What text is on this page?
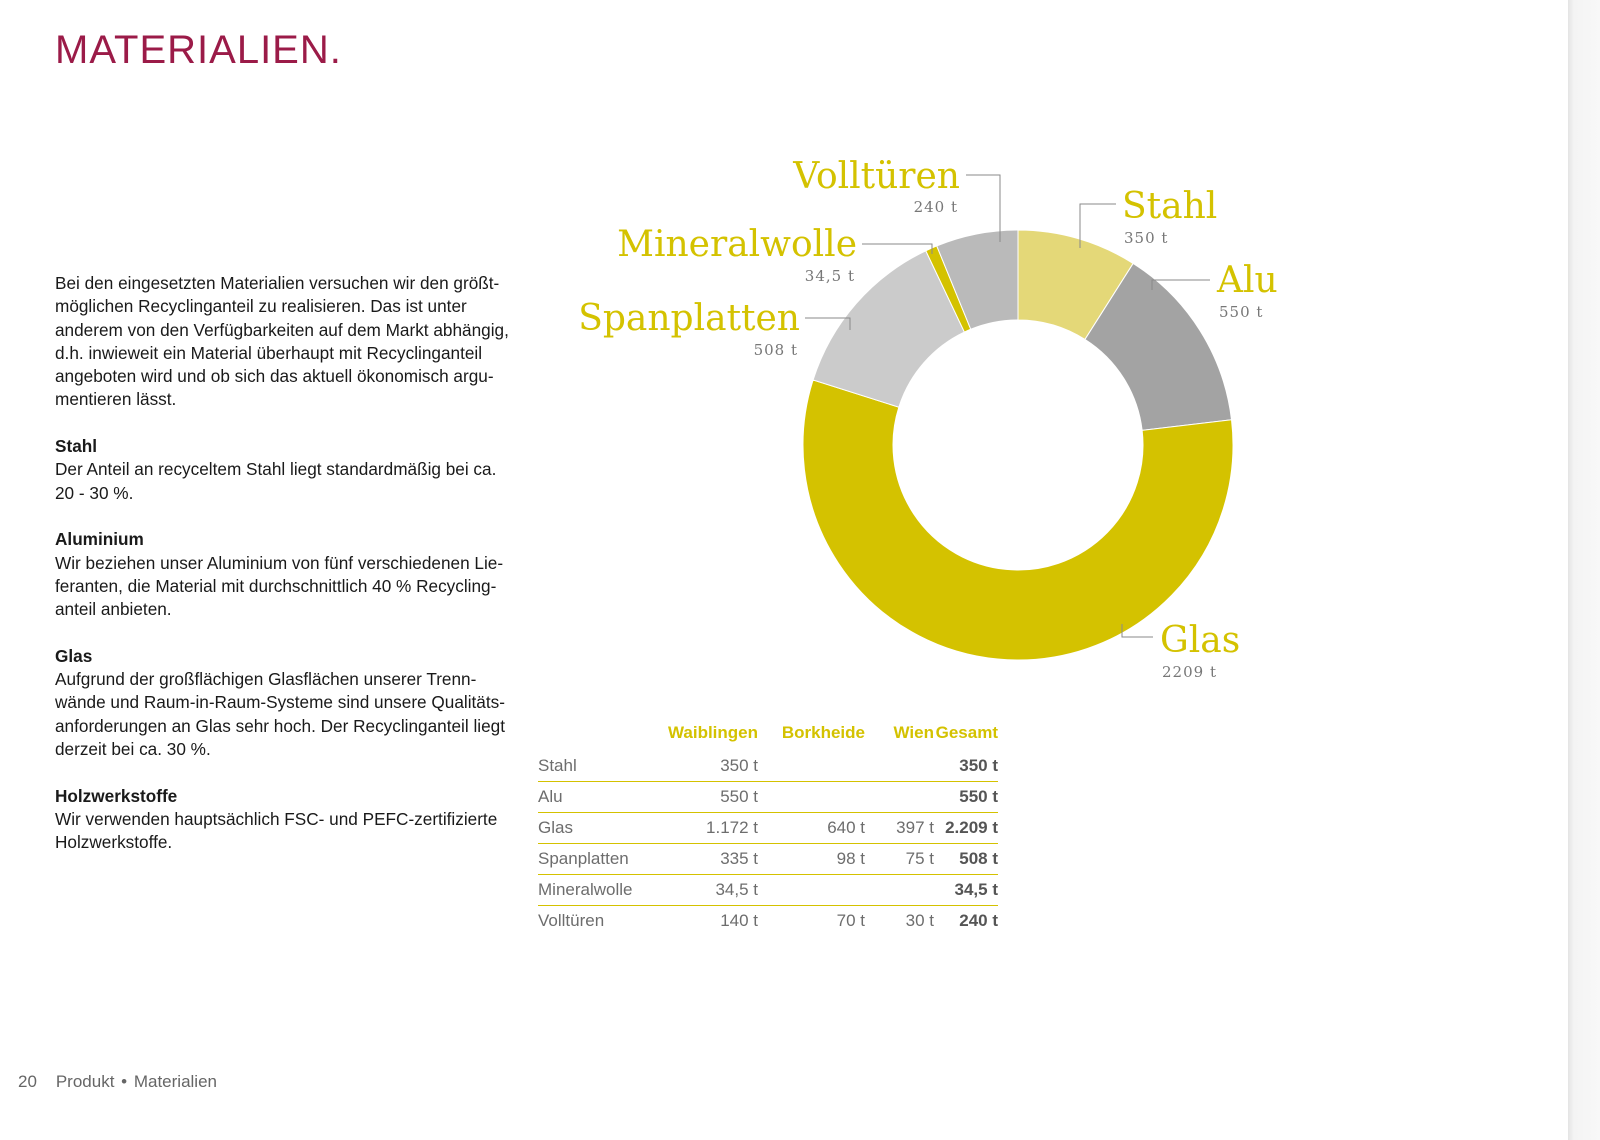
MATERIALIEN.

Bei den eingesetzten Materialien versuchen wir den größtmöglichen Recyclinganteil zu realisieren. Das ist unter anderem von den Verfügbarkeiten auf dem Markt abhängig, d.h. inwieweit ein Material überhaupt mit Recyclinganteil angeboten wird und ob sich das aktuell ökonomisch argumentieren lässt.

Stahl
Der Anteil an recyceltem Stahl liegt standardmäßig bei ca. 20 - 30 %.

Aluminium
Wir beziehen unser Aluminium von fünf verschiedenen Lieferanten, die Material mit durchschnittlich 40 % Recyclinganteil anbieten.

Glas
Aufgrund der großflächigen Glasflächen unserer Trennwände und Raum-in-Raum-Systeme sind unsere Qualitätsanforderungen an Glas sehr hoch. Der Recyclinganteil liegt derzeit bei ca. 30 %.

Holzwerkstoffe
Wir verwenden hauptsächlich FSC- und PEFC-zertifizierte Holzwerkstoffe.

Stahl
350 t
Alu
550 t
Glas
2209 t
Spanplatten
508 t
Mineralwolle
34,5 t
Volltüren
240 t
	Waiblingen	Borkheide	Wien	Gesamt
Stahl	350 t			350 t
Alu	550 t			550 t
Glas	1.172 t	640 t	397 t	2.209 t
Spanplatten	335 t	98 t	75 t	508 t
Mineralwolle	34,5 t			34,5 t
Volltüren	140 t	70 t	30 t	240 t
20 Produkt • Materialien
